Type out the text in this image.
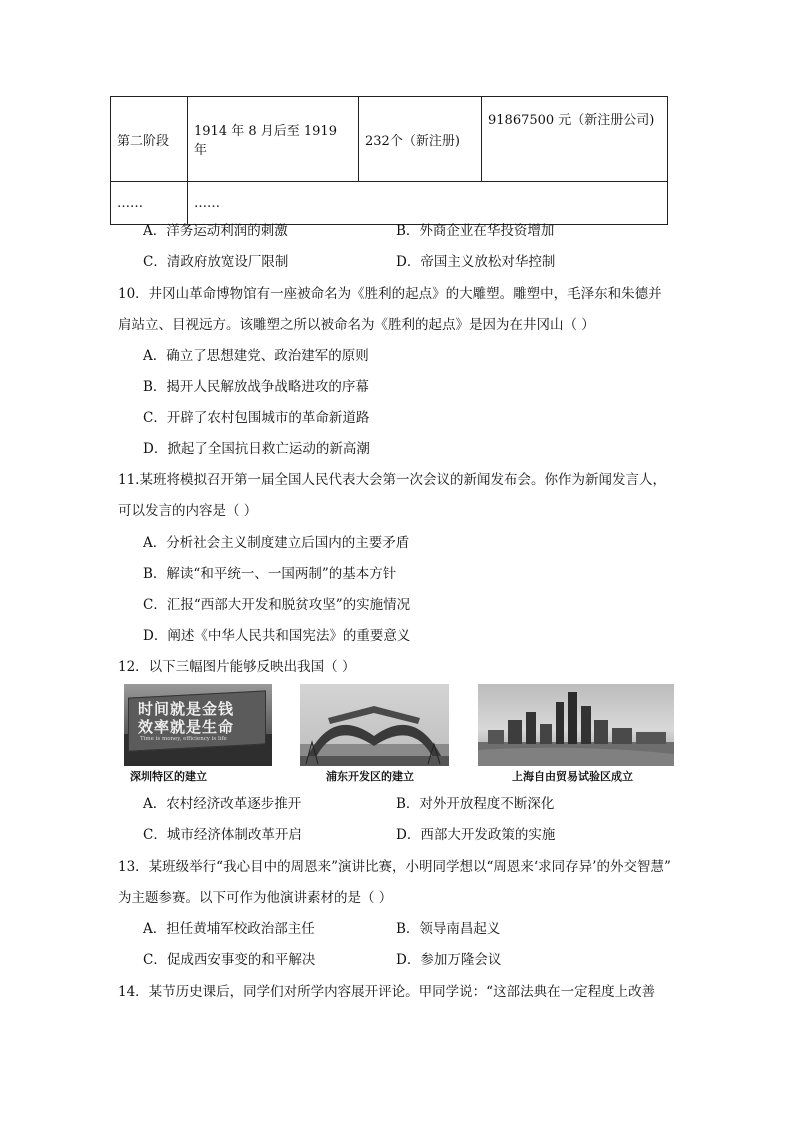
第二阶段	1914 年 8 月后至 1919 年	232个（新注册)	91867500 元（新注册公司)
……	……		
A．洋务运动利润的刺激	B．外商企业在华投资增加
C．清政府放宽设厂限制	D．帝国主义放松对华控制
10．井冈山革命博物馆有一座被命名为《胜利的起点》的大雕塑。雕塑中，毛泽东和朱德并
肩站立、目视远方。该雕塑之所以被命名为《胜利的起点》是因为在井冈山（ ）
A．确立了思想建党、政治建军的原则
B．揭开人民解放战争战略进攻的序幕
C．开辟了农村包围城市的革命新道路
D．掀起了全国抗日救亡运动的新高潮
11.某班将模拟召开第一届全国人民代表大会第一次会议的新闻发布会。你作为新闻发言人，
可以发言的内容是（ ）
A．分析社会主义制度建立后国内的主要矛盾
B．解读“和平统一、一国两制”的基本方针
C．汇报“西部大开发和脱贫攻坚”的实施情况
D．阐述《中华人民共和国宪法》的重要意义
12．以下三幅图片能够反映出我国（ ）
时间就是金钱
效率就是生命
Time is money, efficiency is life
深圳特区的建立	浦东开发区的建立	上海自由贸易试验区成立
A．农村经济改革逐步推开	B．对外开放程度不断深化
C．城市经济体制改革开启	D．西部大开发政策的实施
13．某班级举行“我心目中的周恩来”演讲比赛，小明同学想以“周恩来‘求同存异’的外交智慧”
为主题参赛。以下可作为他演讲素材的是（ ）
A．担任黄埔军校政治部主任	B．领导南昌起义
C．促成西安事变的和平解决	D．参加万隆会议
14．某节历史课后，同学们对所学内容展开评论。甲同学说：“这部法典在一定程度上改善
